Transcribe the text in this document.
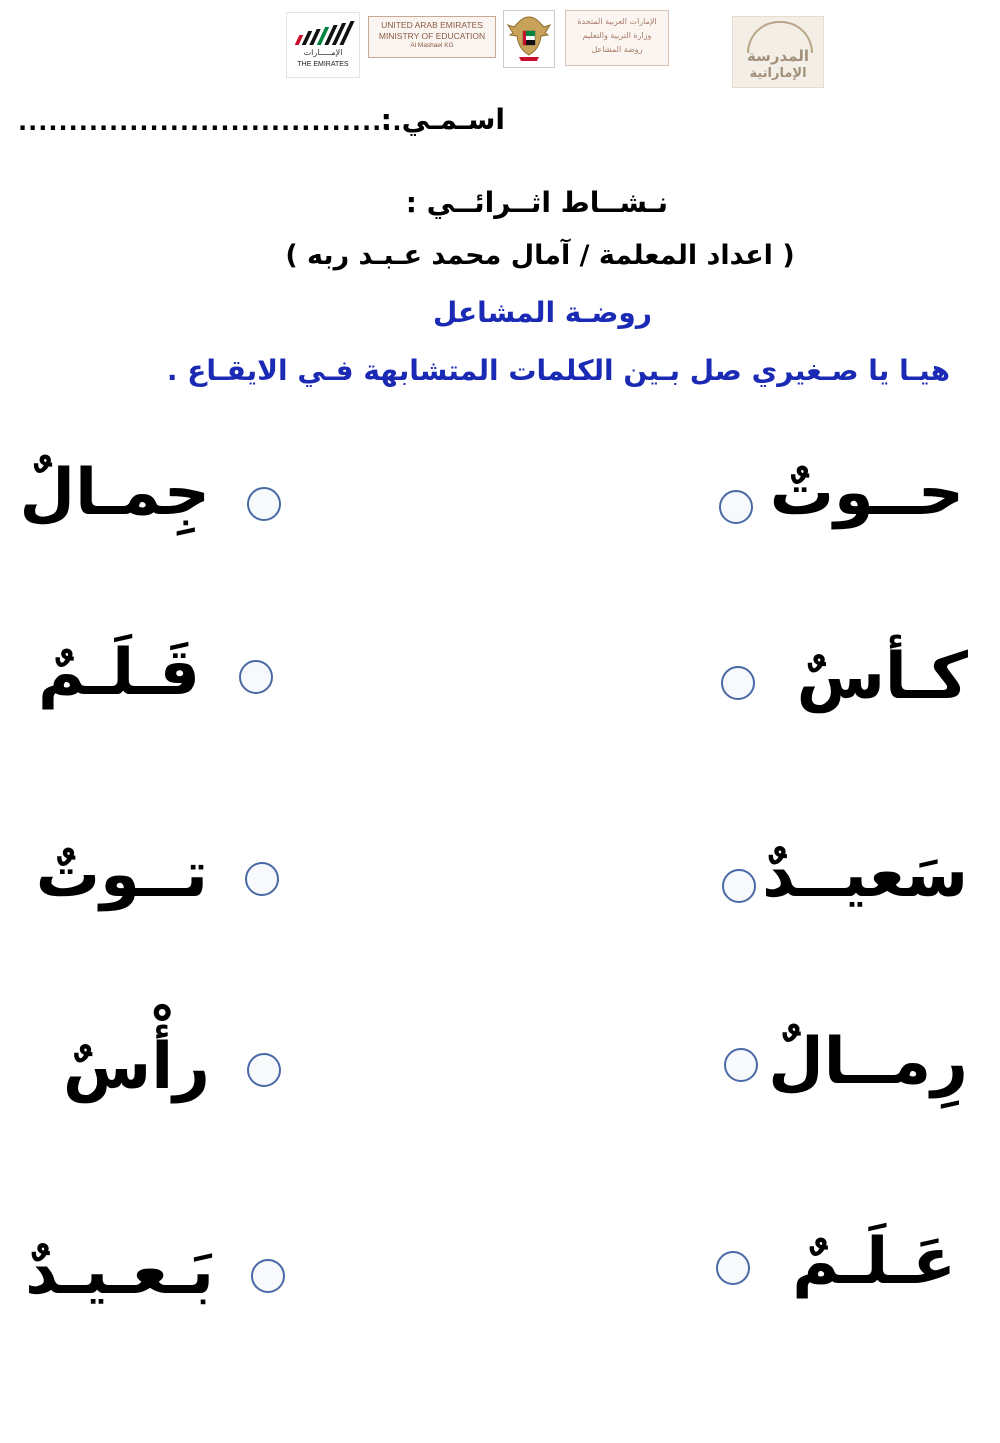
الإمـــــارات
THE EMIRATES
UNITED ARAB EMIRATES
MINISTRY OF EDUCATION
Al Mashael KG
الإمارات العربية المتحدة
وزارة التربية والتعليم
روضة المشاعل	المدرسة
الإماراتية
اسـمـي :
......................................
نـشــاط اثــرائــي :
( اعداد المعلمة / آمال محمد عـبـد ربه )
روضـة المشاعل
هيـا يا صـغيري صل بـين الكلمات المتشابهة فـي الايقـاع .
حــوتٌ
كـأسٌ
سَعيــدٌ
رِمــالٌ
عَـلَـمٌ
جِمـالٌ
قَـلَـمٌ
تــوتٌ
رأْسٌ
بَـعـيـدٌ
